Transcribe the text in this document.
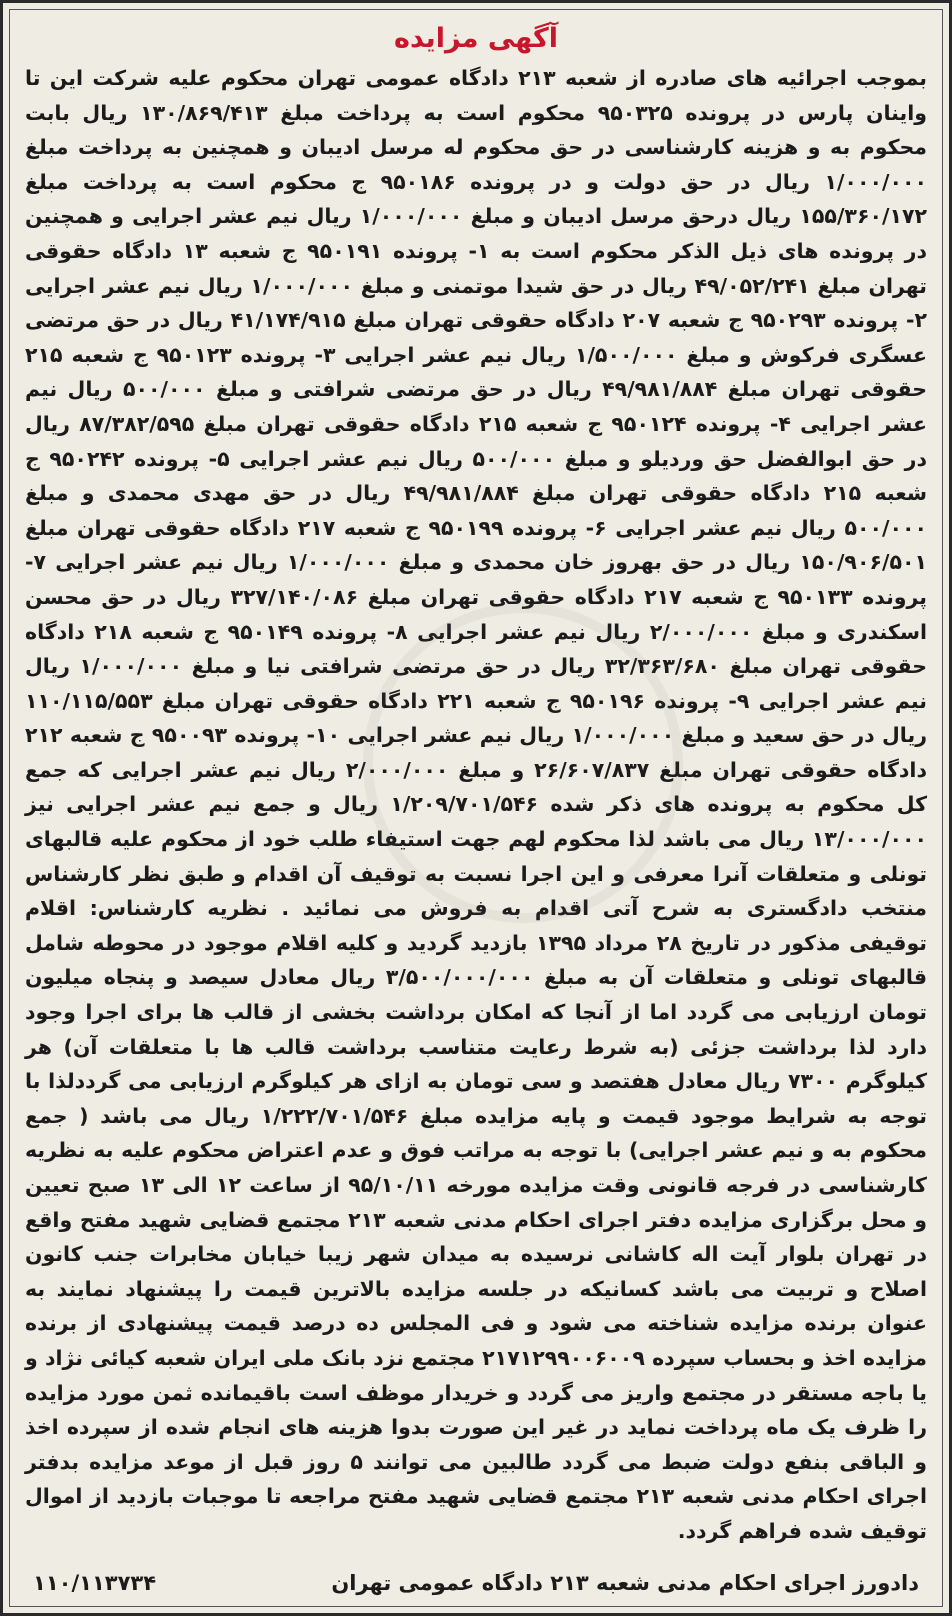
آگهی مزایده

بموجب اجرائیه های صادره از شعبه ۲۱۳ دادگاه عمومی تهران محکوم علیه شرکت این تا واینان پارس در پرونده ۹۵۰۳۲۵ محکوم است به پرداخت مبلغ ۱۳۰/۸۶۹/۴۱۳ ریال بابت محکوم به و هزینه کارشناسی در حق محکوم له مرسل ادیبان و همچنین به پرداخت مبلغ ۱/۰۰۰/۰۰۰ ریال در حق دولت و در پرونده ۹۵۰۱۸۶ ج محکوم است به پرداخت مبلغ ۱۵۵/۳۶۰/۱۷۲ ریال درحق مرسل ادیبان و مبلغ ۱/۰۰۰/۰۰۰ ریال نیم عشر اجرایی و همچنین در پرونده های ذیل الذکر محکوم است به ۱- پرونده ۹۵۰۱۹۱ ج شعبه ۱۳ دادگاه حقوقی تهران مبلغ ۴۹/۰۵۲/۲۴۱ ریال در حق شیدا موتمنی و مبلغ ۱/۰۰۰/۰۰۰ ریال نیم عشر اجرایی ۲- پرونده ۹۵۰۲۹۳ ج شعبه ۲۰۷ دادگاه حقوقی تهران مبلغ ۴۱/۱۷۴/۹۱۵ ریال در حق مرتضی عسگری فرکوش و مبلغ ۱/۵۰۰/۰۰۰ ریال نیم عشر اجرایی ۳- پرونده ۹۵۰۱۲۳ ج شعبه ۲۱۵ حقوقی تهران مبلغ ۴۹/۹۸۱/۸۸۴ ریال در حق مرتضی شرافتی و مبلغ ۵۰۰/۰۰۰ ریال نیم عشر اجرایی ۴- پرونده ۹۵۰۱۲۴ ج شعبه ۲۱۵ دادگاه حقوقی تهران مبلغ ۸۷/۳۸۲/۵۹۵ ریال در حق ابوالفضل حق وردیلو و مبلغ ۵۰۰/۰۰۰ ریال نیم عشر اجرایی ۵- پرونده ۹۵۰۲۴۲ ج شعبه ۲۱۵ دادگاه حقوقی تهران مبلغ ۴۹/۹۸۱/۸۸۴ ریال در حق مهدی محمدی و مبلغ ۵۰۰/۰۰۰ ریال نیم عشر اجرایی ۶- پرونده ۹۵۰۱۹۹ ج شعبه ۲۱۷ دادگاه حقوقی تهران مبلغ ۱۵۰/۹۰۶/۵۰۱ ریال در حق بهروز خان محمدی و مبلغ ۱/۰۰۰/۰۰۰ ریال نیم عشر اجرایی ۷- پرونده ۹۵۰۱۳۳ ج شعبه ۲۱۷ دادگاه حقوقی تهران مبلغ ۳۲۷/۱۴۰/۰۸۶ ریال در حق محسن اسکندری و مبلغ ۲/۰۰۰/۰۰۰ ریال نیم عشر اجرایی ۸- پرونده ۹۵۰۱۴۹ ج شعبه ۲۱۸ دادگاه حقوقی تهران مبلغ ۳۲/۳۶۳/۶۸۰ ریال در حق مرتضی شرافتی نیا و مبلغ ۱/۰۰۰/۰۰۰ ریال نیم عشر اجرایی ۹- پرونده ۹۵۰۱۹۶ ج شعبه ۲۲۱ دادگاه حقوقی تهران مبلغ ۱۱۰/۱۱۵/۵۵۳ ریال در حق سعید و مبلغ ۱/۰۰۰/۰۰۰ ریال نیم عشر اجرایی ۱۰- پرونده ۹۵۰۰۹۳ ج شعبه ۲۱۲ دادگاه حقوقی تهران مبلغ ۲۶/۶۰۷/۸۳۷ و مبلغ ۲/۰۰۰/۰۰۰ ریال نیم عشر اجرایی که جمع کل محکوم به پرونده های ذکر شده ۱/۲۰۹/۷۰۱/۵۴۶ ریال و جمع نیم عشر اجرایی نیز ۱۳/۰۰۰/۰۰۰ ریال می باشد لذا محکوم لهم جهت استیفاء طلب خود از محکوم علیه قالبهای تونلی و متعلقات آنرا معرفی و این اجرا نسبت به توقیف آن اقدام و طبق نظر کارشناس منتخب دادگستری به شرح آتی اقدام به فروش می نمائید . نظریه کارشناس: اقلام توقیفی مذکور در تاریخ ۲۸ مرداد ۱۳۹۵ بازدید گردید و کلیه اقلام موجود در محوطه شامل قالبهای تونلی و متعلقات آن به مبلغ ۳/۵۰۰/۰۰۰/۰۰۰ ریال معادل سیصد و پنجاه میلیون تومان ارزیابی می گردد اما از آنجا که امکان برداشت بخشی از قالب ها برای اجرا وجود دارد لذا برداشت جزئی (به شرط رعایت متناسب برداشت قالب ها با متعلقات آن) هر کیلوگرم ۷۳۰۰ ریال معادل هفتصد و سی تومان به ازای هر کیلوگرم ارزیابی می گرددلذا با توجه به شرایط موجود قیمت و پایه مزایده مبلغ ۱/۲۲۲/۷۰۱/۵۴۶ ریال می باشد ( جمع محکوم به و نیم عشر اجرایی) با توجه به مراتب فوق و عدم اعتراض محکوم علیه به نظریه کارشناسی در فرجه قانونی وقت مزایده مورخه ۹۵/۱۰/۱۱ از ساعت ۱۲ الی ۱۳ صبح تعیین و محل برگزاری مزایده دفتر اجرای احکام مدنی شعبه ۲۱۳ مجتمع قضایی شهید مفتح واقع در تهران بلوار آیت اله کاشانی نرسیده به میدان شهر زیبا خیابان مخابرات جنب کانون اصلاح و تربیت می باشد کسانیکه در جلسه مزایده بالاترین قیمت را پیشنهاد نمایند به عنوان برنده مزایده شناخته می شود و فی المجلس ده درصد قیمت پیشنهادی از برنده مزایده اخذ و بحساب سپرده ۲۱۷۱۲۹۹۰۰۶۰۰۹ مجتمع نزد بانک ملی ایران شعبه کیائی نژاد و یا باجه مستقر در مجتمع واریز می گردد و خریدار موظف است باقیمانده ثمن مورد مزایده را ظرف یک ماه پرداخت نماید در غیر این صورت بدوا هزینه های انجام شده از سپرده اخذ و الباقی بنفع دولت ضبط می گردد طالبین می توانند ۵ روز قبل از موعد مزایده بدفتر اجرای احکام مدنی شعبه ۲۱۳ مجتمع قضایی شهید مفتح مراجعه تا موجبات بازدید از اموال توقیف شده فراهم گردد.

دادورز اجرای احکام مدنی شعبه ۲۱۳ دادگاه عمومی تهران
۱۱۰/۱۱۳۷۳۴
